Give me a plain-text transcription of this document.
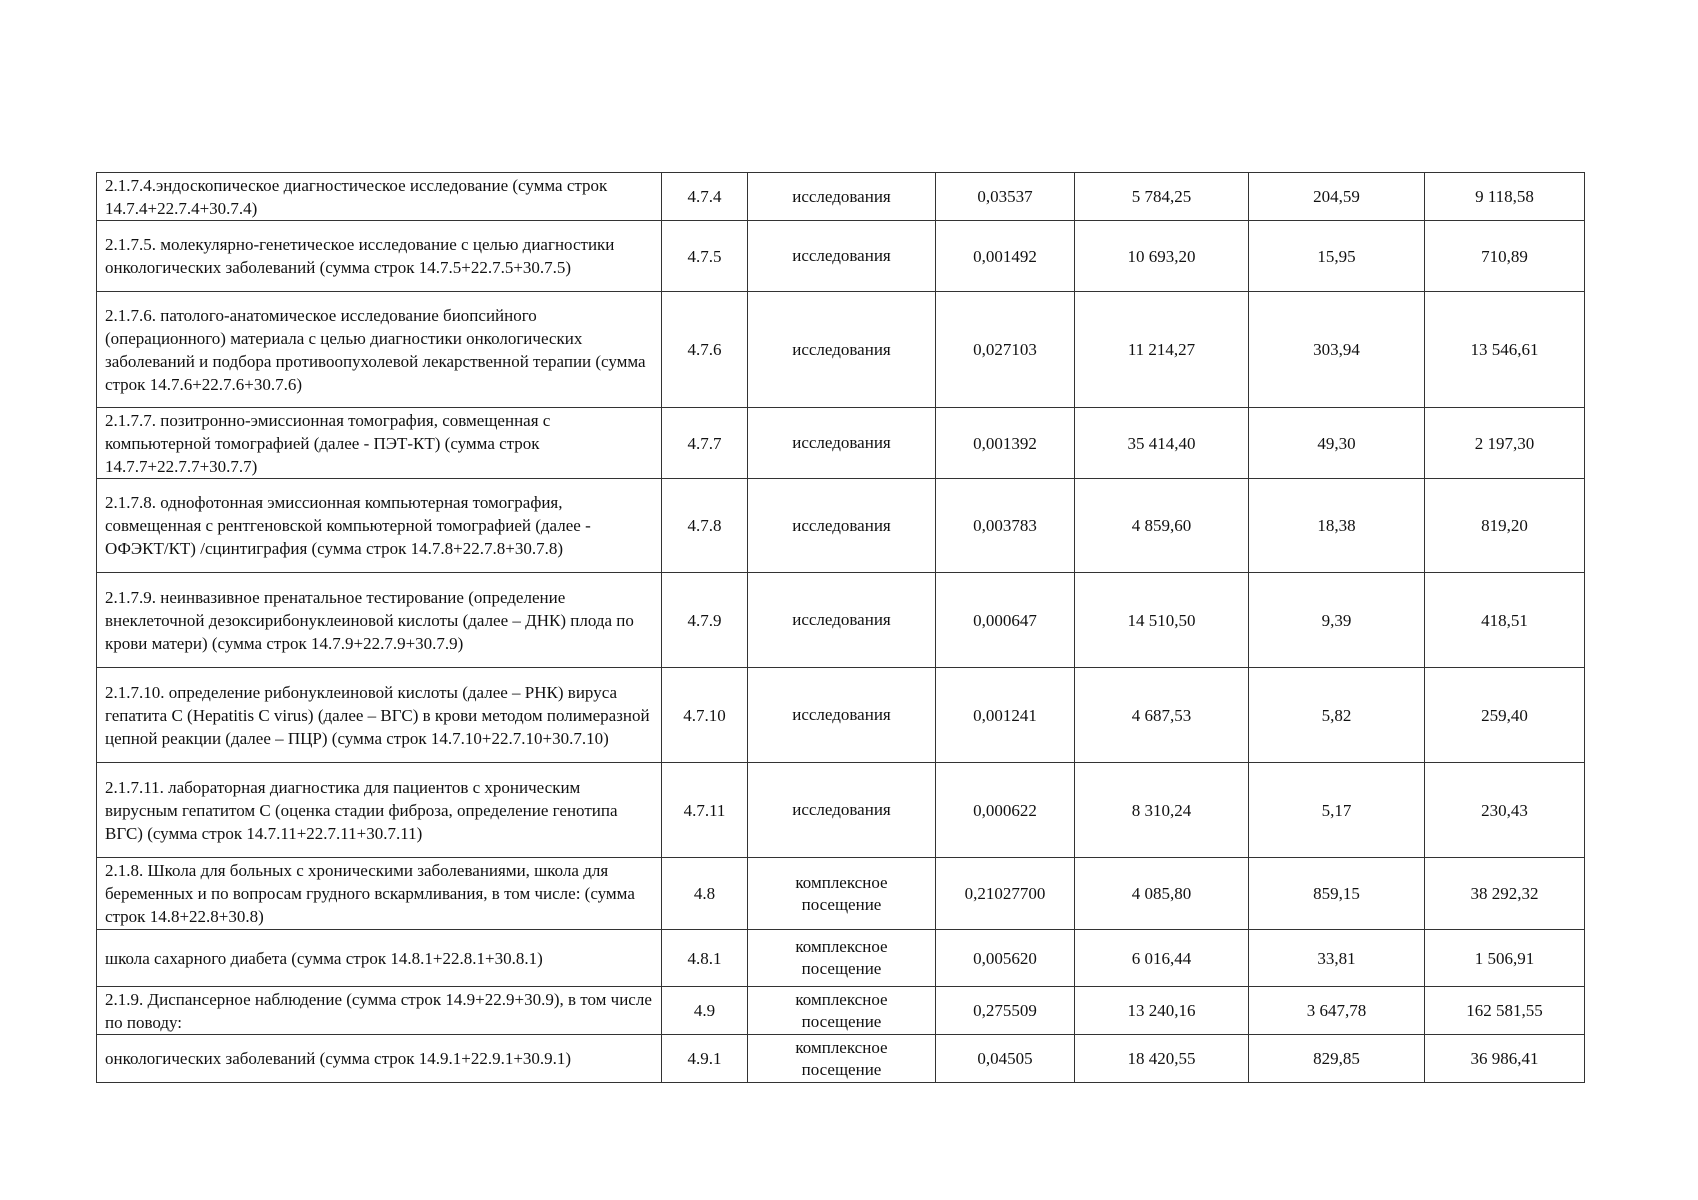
2.1.7.4.эндоскопическое диагностическое исследование (сумма строк 14.7.4+22.7.4+30.7.4)	4.7.4	исследования	0,03537	5 784,25	204,59	9 118,58
2.1.7.5. молекулярно-генетическое исследование с целью диагностики онкологических заболеваний (сумма строк 14.7.5+22.7.5+30.7.5)	4.7.5	исследования	0,001492	10 693,20	15,95	710,89
2.1.7.6. патолого-анатомическое исследование биопсийного (операционного) материала с целью диагностики онкологических заболеваний и подбора противоопухолевой лекарственной терапии (сумма строк 14.7.6+22.7.6+30.7.6)	4.7.6	исследования	0,027103	11 214,27	303,94	13 546,61
2.1.7.7. позитронно-эмиссионная томография, совмещенная с компьютерной томографией (далее - ПЭТ-КТ) (сумма строк 14.7.7+22.7.7+30.7.7)	4.7.7	исследования	0,001392	35 414,40	49,30	2 197,30
2.1.7.8. однофотонная эмиссионная компьютерная томография, совмещенная с рентгеновской компьютерной томографией (далее - ОФЭКТ/КТ) /сцинтиграфия (сумма строк 14.7.8+22.7.8+30.7.8)	4.7.8	исследования	0,003783	4 859,60	18,38	819,20
2.1.7.9. неинвазивное пренатальное тестирование (определение внеклеточной дезоксирибонуклеиновой кислоты (далее – ДНК) плода по крови матери) (сумма строк 14.7.9+22.7.9+30.7.9)	4.7.9	исследования	0,000647	14 510,50	9,39	418,51
2.1.7.10. определение рибонуклеиновой кислоты (далее – РНК) вируса гепатита С (Hepatitis C virus) (далее – ВГС) в крови методом полимеразной цепной реакции (далее – ПЦР) (сумма строк 14.7.10+22.7.10+30.7.10)	4.7.10	исследования	0,001241	4 687,53	5,82	259,40
2.1.7.11. лабораторная диагностика для пациентов с хроническим вирусным гепатитом С (оценка стадии фиброза, определение генотипа ВГС) (сумма строк 14.7.11+22.7.11+30.7.11)	4.7.11	исследования	0,000622	8 310,24	5,17	230,43
2.1.8. Школа для больных с хроническими заболеваниями, школа для беременных и по вопросам грудного вскармливания, в том числе: (сумма строк 14.8+22.8+30.8)	4.8	комплексное посещение	0,21027700	4 085,80	859,15	38 292,32
школа сахарного диабета (сумма строк 14.8.1+22.8.1+30.8.1)	4.8.1	комплексное посещение	0,005620	6 016,44	33,81	1 506,91
2.1.9. Диспансерное наблюдение (сумма строк 14.9+22.9+30.9), в том числе по поводу:	4.9	комплексное посещение	0,275509	13 240,16	3 647,78	162 581,55
онкологических заболеваний (сумма строк 14.9.1+22.9.1+30.9.1)	4.9.1	комплексное посещение	0,04505	18 420,55	829,85	36 986,41
